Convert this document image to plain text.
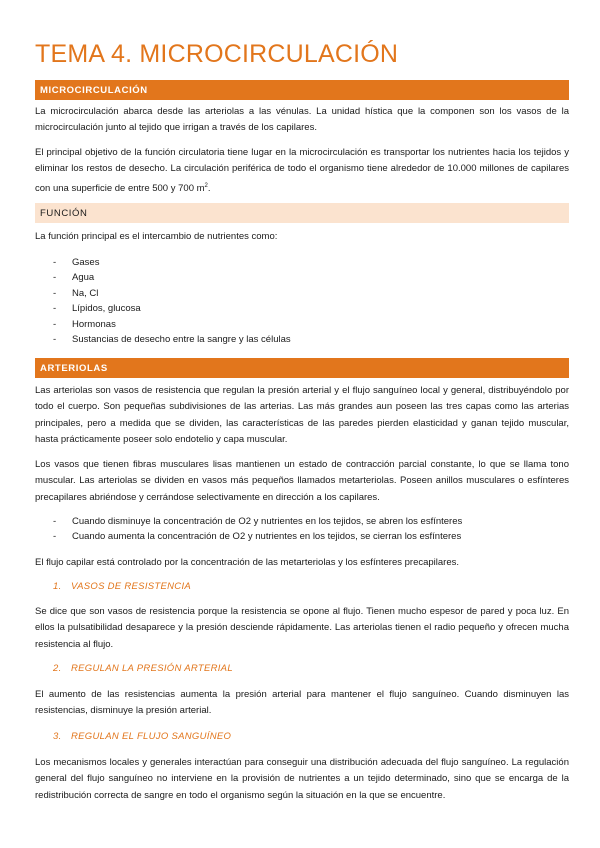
TEMA 4. MICROCIRCULACIÓN
MICROCIRCULACIÓN

La microcirculación abarca desde las arteriolas a las vénulas. La unidad hística que la componen son los vasos de la microcirculación junto al tejido que irrigan a través de los capilares.

El principal objetivo de la función circulatoria tiene lugar en la microcirculación es transportar los nutrientes hacia los tejidos y eliminar los restos de desecho. La circulación periférica de todo el organismo tiene alrededor de 10.000 millones de capilares con una superficie de entre 500 y 700 $m^2$.

FUNCIÓN

La función principal es el intercambio de nutrientes como:

- Gases
- Agua
- Na, Cl
- Lípidos, glucosa
- Hormonas
- Sustancias de desecho entre la sangre y las células
ARTERIOLAS

Las arteriolas son vasos de resistencia que regulan la presión arterial y el flujo sanguíneo local y general, distribuyéndolo por todo el cuerpo. Son pequeñas subdivisiones de las arterias. Las más grandes aun poseen las tres capas como las arterias principales, pero a medida que se dividen, las características de las paredes pierden elasticidad y ganan tejido muscular, hasta prácticamente poseer solo endotelio y capa muscular.

Los vasos que tienen fibras musculares lisas mantienen un estado de contracción parcial constante, lo que se llama tono muscular. Las arteriolas se dividen en vasos más pequeños llamados metarteriolas. Poseen anillos musculares o esfínteres precapilares abriéndose y cerrándose selectivamente en dirección a los capilares.

- Cuando disminuye la concentración de O2 y nutrientes en los tejidos, se abren los esfínteres
- Cuando aumenta la concentración de O2 y nutrientes en los tejidos, se cierran los esfínteres

El flujo capilar está controlado por la concentración de las metarteriolas y los esfínteres precapilares.

1. VASOS DE RESISTENCIA

Se dice que son vasos de resistencia porque la resistencia se opone al flujo. Tienen mucho espesor de pared y poca luz. En ellos la pulsatibilidad desaparece y la presión desciende rápidamente. Las arteriolas tienen el radio pequeño y ofrecen mucha resistencia al flujo.

2. REGULAN LA PRESIÓN ARTERIAL

El aumento de las resistencias aumenta la presión arterial para mantener el flujo sanguíneo. Cuando disminuyen las resistencias, disminuye la presión arterial.

3. REGULAN EL FLUJO SANGUÍNEO

Los mecanismos locales y generales interactúan para conseguir una distribución adecuada del flujo sanguíneo. La regulación general del flujo sanguíneo no interviene en la provisión de nutrientes a un tejido determinado, sino que se encarga de la redistribución correcta de sangre en todo el organismo según la situación en la que se encuentre.
